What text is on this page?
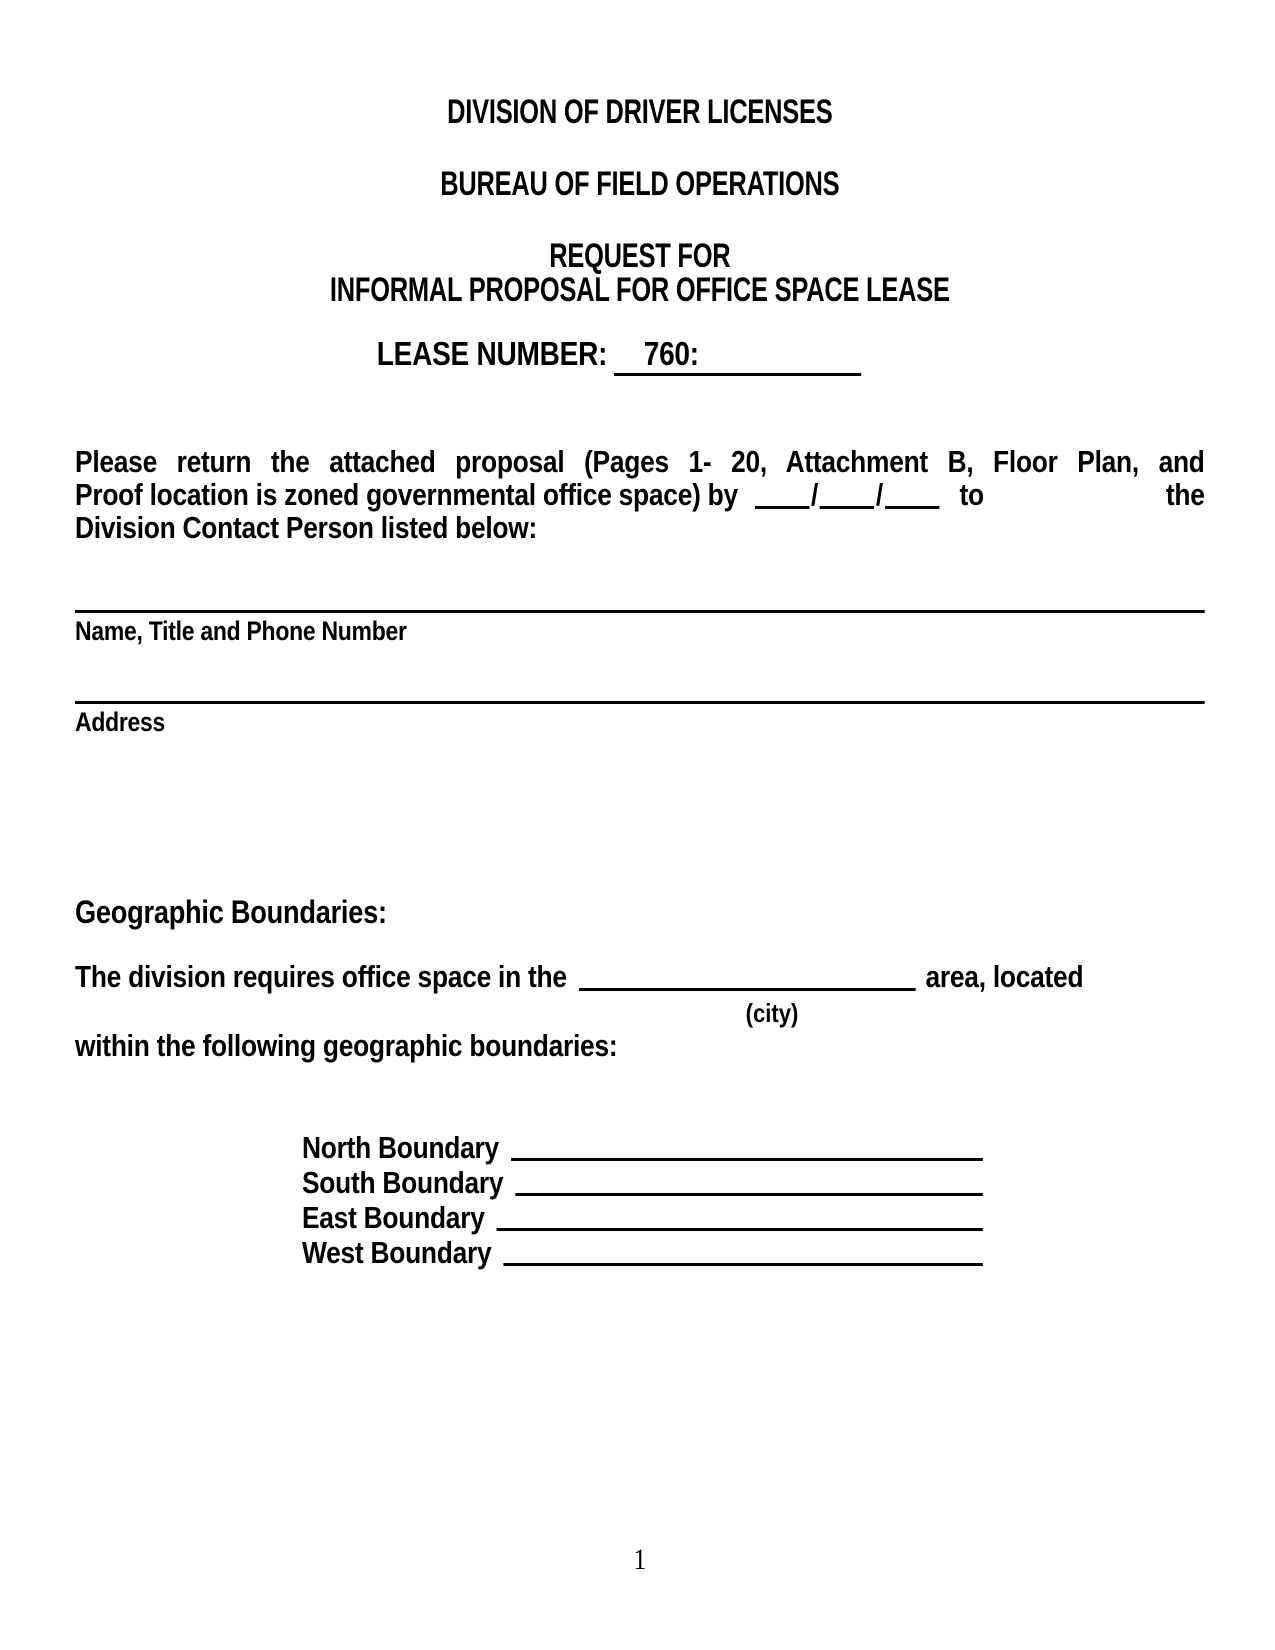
DIVISION OF DRIVER LICENSES
BUREAU OF FIELD OPERATIONS
REQUEST FOR
INFORMAL PROPOSAL FOR OFFICE SPACE LEASE
LEASE NUMBER: 760:
Please return the attached proposal (Pages 1- 20, Attachment B, Floor Plan, and
Proof location is zoned governmental office space) by / / to	the
Division Contact Person listed below:
Name, Title and Phone Number
Address
Geographic Boundaries:
The division requires office space in the	area, located
(city)
within the following geographic boundaries:
North Boundary
South Boundary
East Boundary
West Boundary
1
